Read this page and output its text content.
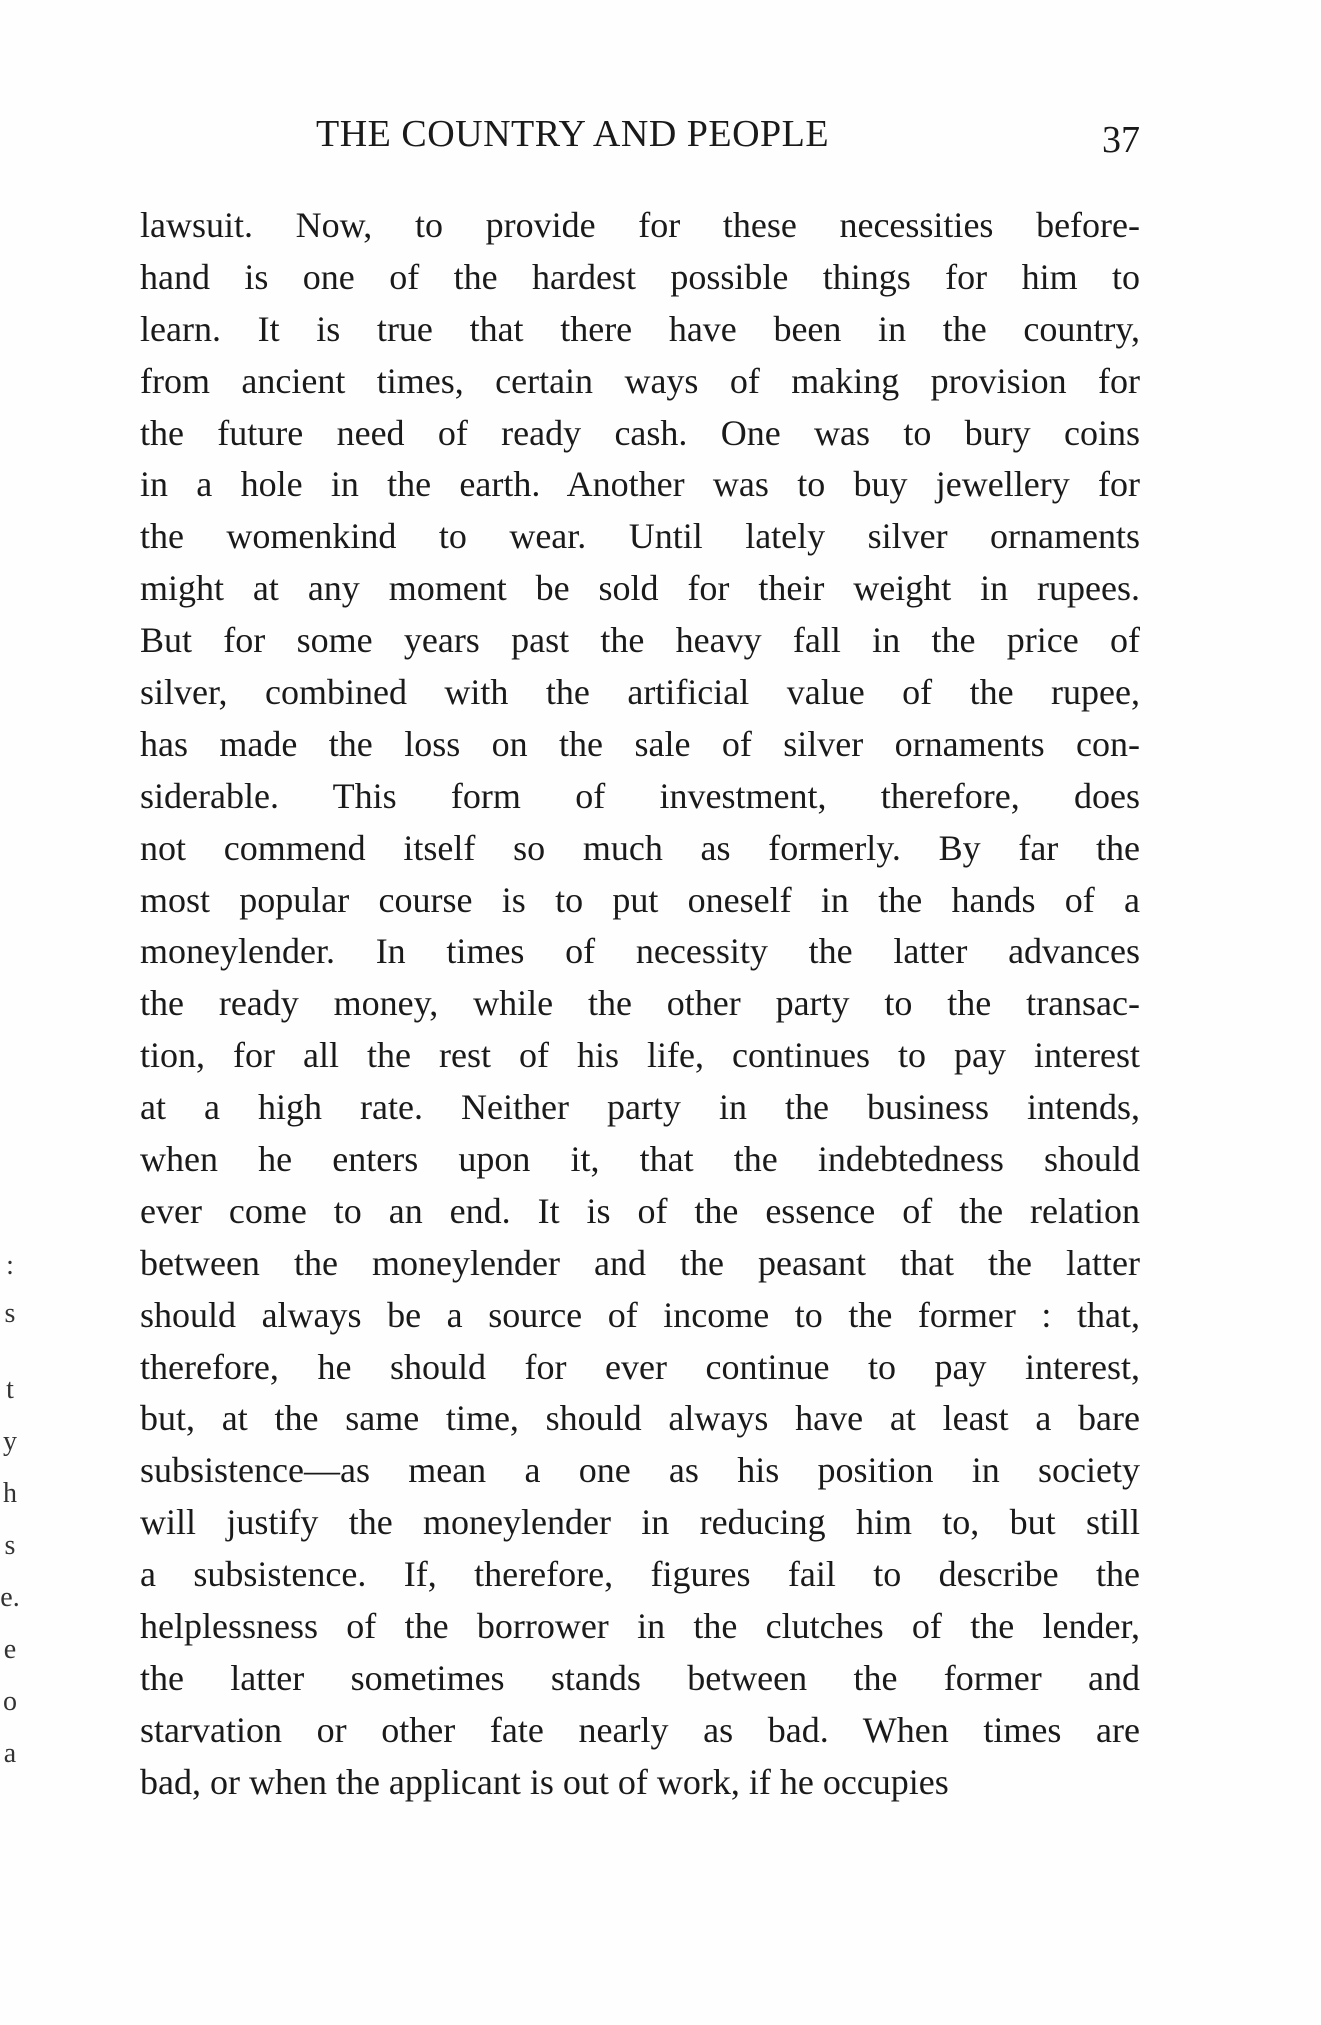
THE COUNTRY AND PEOPLE	37
lawsuit. Now, to provide for these necessities before-
hand is one of the hardest possible things for him to
learn. It is true that there have been in the country,
from ancient times, certain ways of making provision for
the future need of ready cash. One was to bury coins
in a hole in the earth. Another was to buy jewellery for
the womenkind to wear. Until lately silver ornaments
might at any moment be sold for their weight in rupees.
But for some years past the heavy fall in the price of
silver, combined with the artificial value of the rupee,
has made the loss on the sale of silver ornaments con-
siderable. This form of investment, therefore, does
not commend itself so much as formerly. By far the
most popular course is to put oneself in the hands of a
moneylender. In times of necessity the latter advances
the ready money, while the other party to the transac-
tion, for all the rest of his life, continues to pay interest
at a high rate. Neither party in the business intends,
when he enters upon it, that the indebtedness should
ever come to an end. It is of the essence of the relation
between the moneylender and the peasant that the latter
should always be a source of income to the former : that,
therefore, he should for ever continue to pay interest,
but, at the same time, should always have at least a bare
subsistence—as mean a one as his position in society
will justify the moneylender in reducing him to, but still
a subsistence. If, therefore, figures fail to describe the
helplessness of the borrower in the clutches of the lender,
the latter sometimes stands between the former and
starvation or other fate nearly as bad. When times are
bad, or when the applicant is out of work, if he occupies
:
s
t
y
h
s
e.
e
o
a
